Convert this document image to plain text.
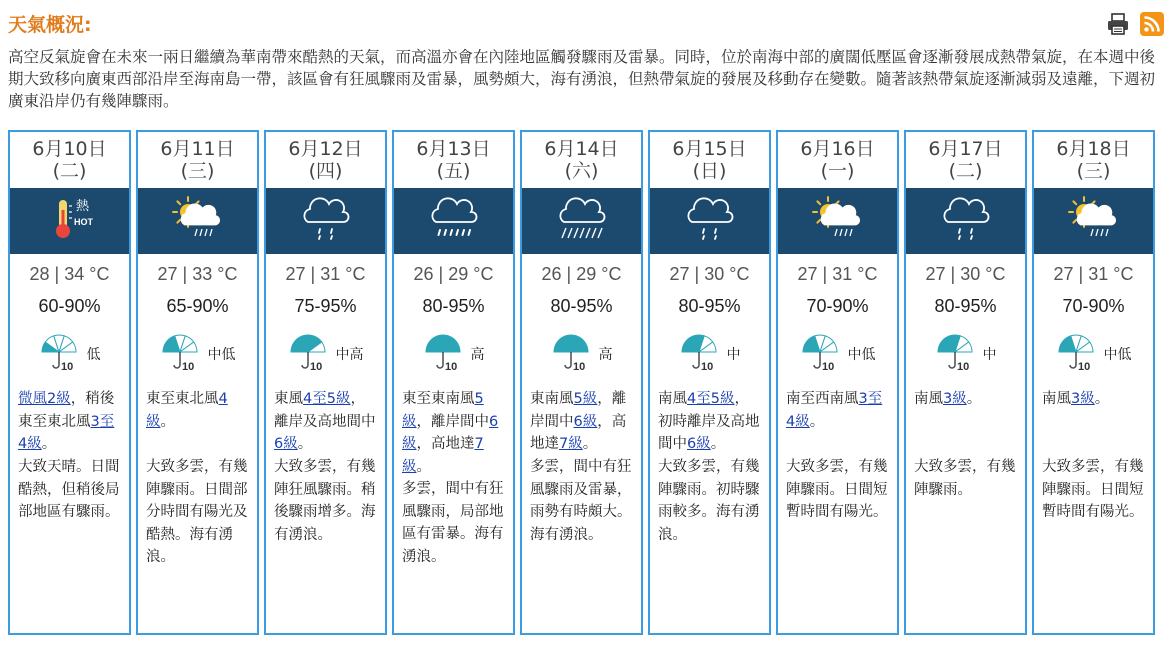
天氣概況:

高空反氣旋會在未來一兩日繼續為華南帶來酷熱的天氣，而高溫亦會在內陸地區觸發驟雨及雷暴。同時，位於南海中部的廣闊低壓區會逐漸發展成熱帶氣旋，在本週中後期大致移向廣東西部沿岸至海南島一帶，該區會有狂風驟雨及雷暴，風勢頗大，海有湧浪，但熱帶氣旋的發展及移動存在變數。隨著該熱帶氣旋逐漸減弱及遠離，下週初廣東沿岸仍有幾陣驟雨。

6月10日
(二)
熱
HOT
28 | 34 °C
60-90%
10
低
微風2級，稍後東至東北風3至4級。
大致天晴。日間酷熱，但稍後局部地區有驟雨。
6月11日
(三)
27 | 33 °C
65-90%
10
中低
東至東北風4級。
大致多雲，有幾陣驟雨。日間部分時間有陽光及酷熱。海有湧浪。
6月12日
(四)
27 | 31 °C
75-95%
10
中高
東風4至5級，離岸及高地間中6級。
大致多雲，有幾陣狂風驟雨。稍後驟雨增多。海有湧浪。
6月13日
(五)
26 | 29 °C
80-95%
10
高
東至東南風5級，離岸間中6級，高地達7級。
多雲，間中有狂風驟雨，局部地區有雷暴。海有湧浪。
6月14日
(六)
26 | 29 °C
80-95%
10
高
東南風5級，離岸間中6級，高地達7級。
多雲，間中有狂風驟雨及雷暴，雨勢有時頗大。海有湧浪。
6月15日
(日)
27 | 30 °C
80-95%
10
中
南風4至5級，初時離岸及高地間中6級。
大致多雲，有幾陣驟雨。初時驟雨較多。海有湧浪。
6月16日
(一)
27 | 31 °C
70-90%
10
中低
南至西南風3至4級。
大致多雲，有幾陣驟雨。日間短暫時間有陽光。
6月17日
(二)
27 | 30 °C
80-95%
10
中
南風3級。
大致多雲，有幾陣驟雨。
6月18日
(三)
27 | 31 °C
70-90%
10
中低
南風3級。
大致多雲，有幾陣驟雨。日間短暫時間有陽光。
